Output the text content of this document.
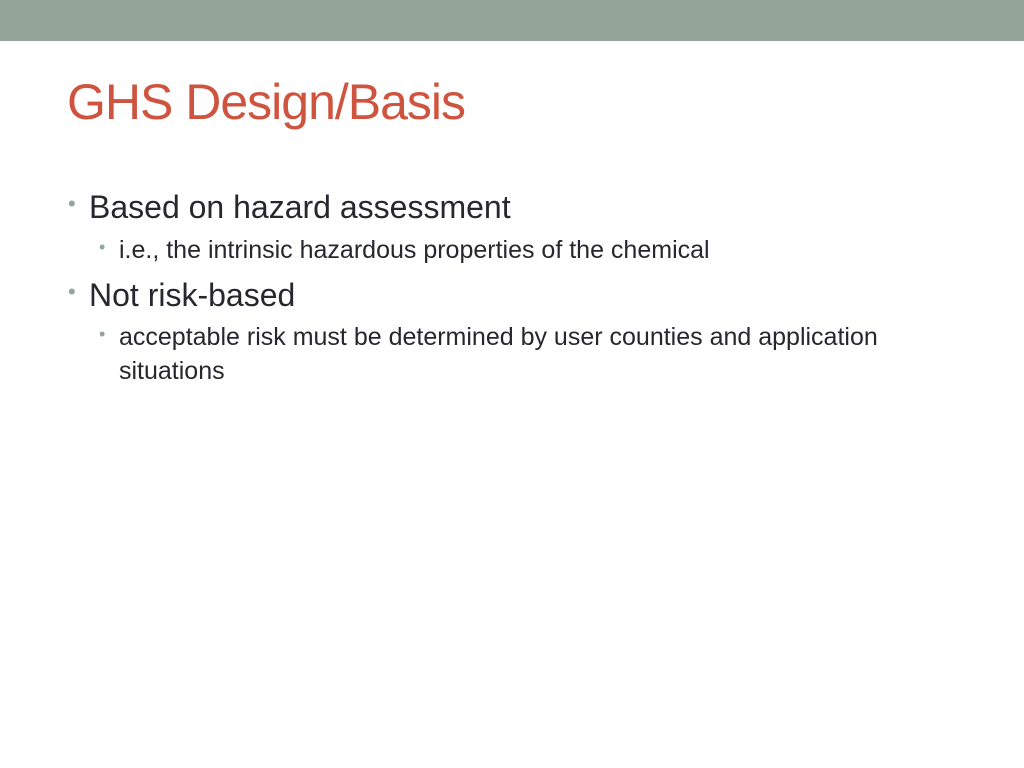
GHS Design/Basis
• Based on hazard assessment
• i.e., the intrinsic hazardous properties of the chemical
• Not risk-based
• acceptable risk must be determined by user counties and application situations
